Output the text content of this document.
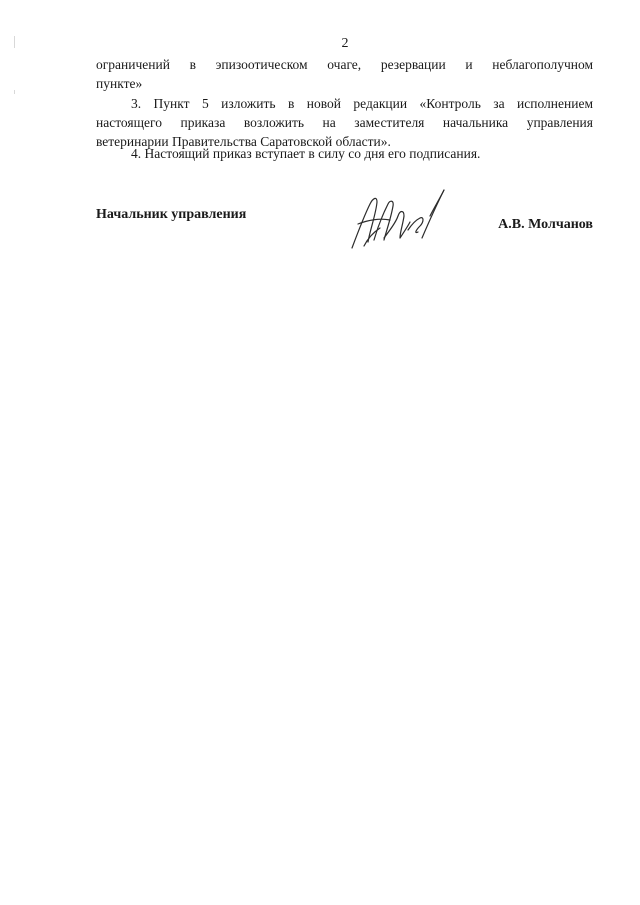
2
ограничений в эпизоотическом очаге, резервации и неблагополучном
пункте»
3. Пункт 5 изложить в новой редакции «Контроль за исполнением
настоящего приказа возложить на заместителя начальника управления
ветеринарии Правительства Саратовской области».
4. Настоящий приказ вступает в силу со дня его подписания.
Начальник управления
А.В. Молчанов
